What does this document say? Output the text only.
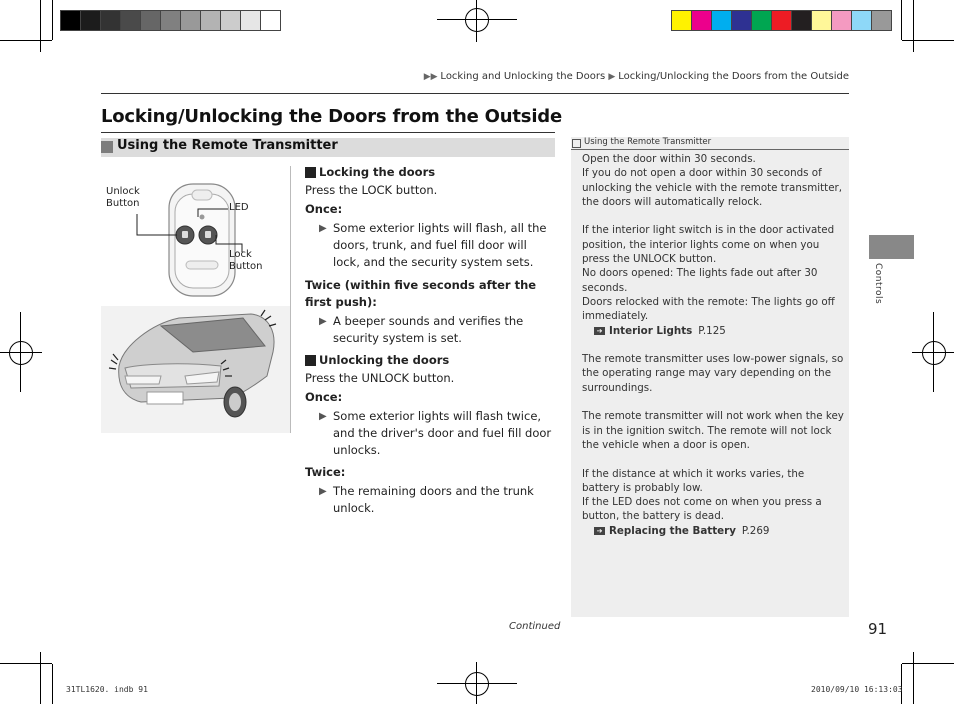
▶▶ Locking and Unlocking the Doors ▶ Locking/Unlocking the Doors from the Outside
Locking/Unlocking the Doors from the Outside
Using the Remote Transmitter
Unlock
Button	LED
Lock
Button
Locking the doors
Press the LOCK button.
Once:
▶ Some exterior lights will flash, all the doors, trunk, and fuel fill door will lock, and the security system sets.
Twice (within five seconds after the first push):
▶ A beeper sounds and verifies the security system is set.
Unlocking the doors
Press the UNLOCK button.
Once:
▶ Some exterior lights will flash twice, and the driver's door and fuel fill door unlocks.
Twice:
▶ The remaining doors and the trunk unlock.
Using the Remote Transmitter

Open the door within 30 seconds.

If you do not open a door within 30 seconds of unlocking the vehicle with the remote transmitter, the doors will automatically relock.

If the interior light switch is in the door activated position, the interior lights come on when you press the UNLOCK button.

No doors opened: The lights fade out after 30 seconds.

Doors relocked with the remote: The lights go off immediately.

➔ Interior Lights P.125

The remote transmitter uses low-power signals, so the operating range may vary depending on the surroundings.

The remote transmitter will not work when the key is in the ignition switch. The remote will not lock the vehicle when a door is open.

If the distance at which it works varies, the battery is probably low.

If the LED does not come on when you press a button, the battery is dead.

➔ Replacing the Battery P.269
Controls
Continued	91
31TL1620. indb 91	2010/09/10 16:13:03
